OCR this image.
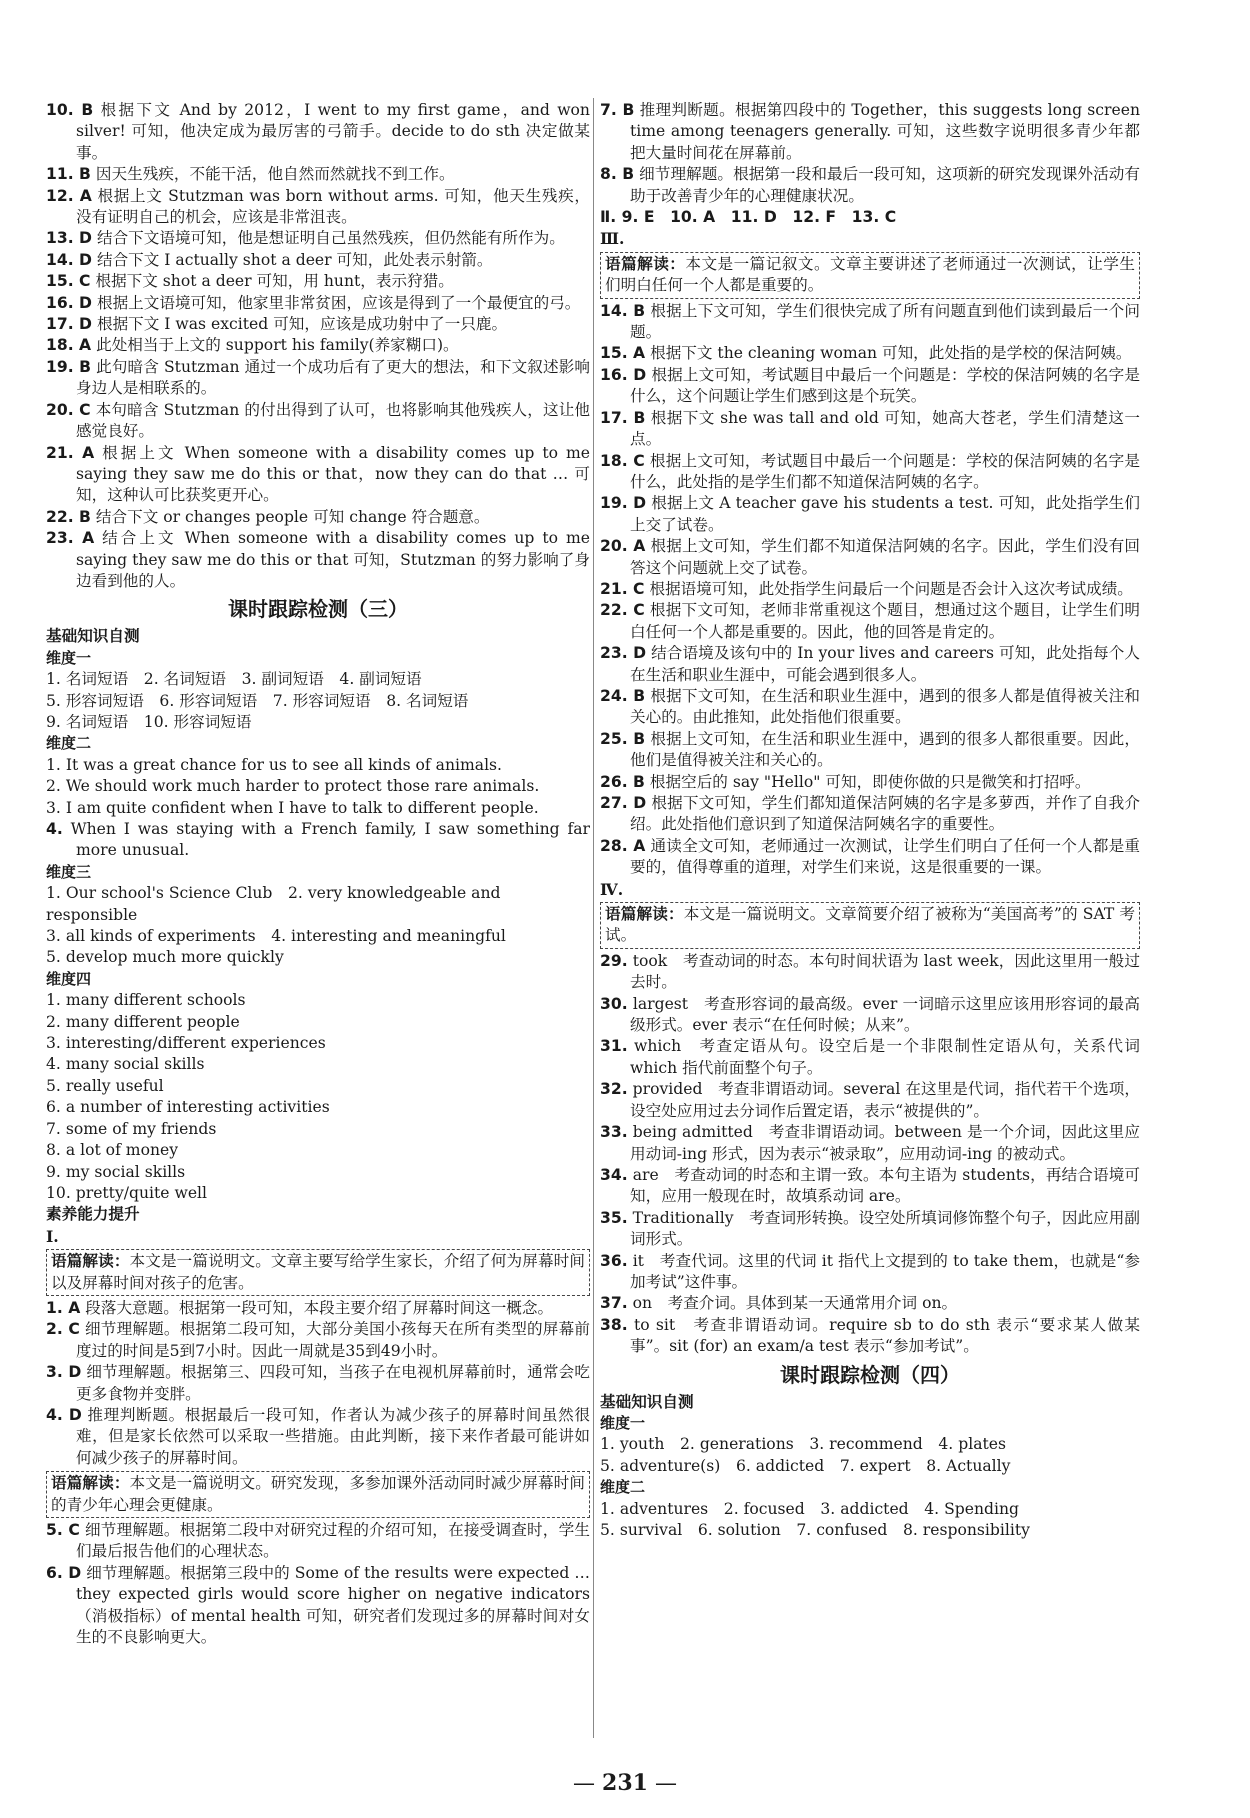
10. B 根据下文 And by 2012，I went to my first game，and won silver! 可知，他决定成为最厉害的弓箭手。decide to do sth 决定做某事。

11. B 因天生残疾，不能干活，他自然而然就找不到工作。

12. A 根据上文 Stutzman was born without arms. 可知，他天生残疾，没有证明自己的机会，应该是非常沮丧。

13. D 结合下文语境可知，他是想证明自己虽然残疾，但仍然能有所作为。

14. D 结合下文 I actually shot a deer 可知，此处表示射箭。

15. C 根据下文 shot a deer 可知，用 hunt，表示狩猎。

16. D 根据上文语境可知，他家里非常贫困，应该是得到了一个最便宜的弓。

17. D 根据下文 I was excited 可知，应该是成功射中了一只鹿。

18. A 此处相当于上文的 support his family(养家糊口)。

19. B 此句暗含 Stutzman 通过一个成功后有了更大的想法，和下文叙述影响身边人是相联系的。

20. C 本句暗含 Stutzman 的付出得到了认可，也将影响其他残疾人，这让他感觉良好。

21. A 根据上文 When someone with a disability comes up to me saying they saw me do this or that，now they can do that … 可知，这种认可比获奖更开心。

22. B 结合下文 or changes people 可知 change 符合题意。

23. A 结合上文 When someone with a disability comes up to me saying they saw me do this or that 可知，Stutzman 的努力影响了身边看到他的人。

课时跟踪检测（三）

基础知识自测

维度一

1. 名词短语　2. 名词短语　3. 副词短语　4. 副词短语

5. 形容词短语　6. 形容词短语　7. 形容词短语　8. 名词短语

9. 名词短语　10. 形容词短语

维度二

1. It was a great chance for us to see all kinds of animals.

2. We should work much harder to protect those rare animals.

3. I am quite confident when I have to talk to different people.

4. When I was staying with a French family, I saw something far more unusual.

维度三

1. Our school's Science Club　2. very knowledgeable and responsible

3. all kinds of experiments　4. interesting and meaningful

5. develop much more quickly

维度四

1. many different schools

2. many different people

3. interesting/different experiences

4. many social skills

5. really useful

6. a number of interesting activities

7. some of my friends

8. a lot of money

9. my social skills

10. pretty/quite well

素养能力提升

Ⅰ.

语篇解读：本文是一篇说明文。文章主要写给学生家长，介绍了何为屏幕时间以及屏幕时间对孩子的危害。

1. A 段落大意题。根据第一段可知，本段主要介绍了屏幕时间这一概念。

2. C 细节理解题。根据第二段可知，大部分美国小孩每天在所有类型的屏幕前度过的时间是5到7小时。因此一周就是35到49小时。

3. D 细节理解题。根据第三、四段可知，当孩子在电视机屏幕前时，通常会吃更多食物并变胖。

4. D 推理判断题。根据最后一段可知，作者认为减少孩子的屏幕时间虽然很难，但是家长依然可以采取一些措施。由此判断，接下来作者最可能讲如何减少孩子的屏幕时间。

语篇解读：本文是一篇说明文。研究发现，多参加课外活动同时减少屏幕时间的青少年心理会更健康。

5. C 细节理解题。根据第二段中对研究过程的介绍可知，在接受调查时，学生们最后报告他们的心理状态。

6. D 细节理解题。根据第三段中的 Some of the results were expected … they expected girls would score higher on negative indicators（消极指标）of mental health 可知，研究者们发现过多的屏幕时间对女生的不良影响更大。

7. B 推理判断题。根据第四段中的 Together，this suggests long screen time among teenagers generally. 可知，这些数字说明很多青少年都把大量时间花在屏幕前。

8. B 细节理解题。根据第一段和最后一段可知，这项新的研究发现课外活动有助于改善青少年的心理健康状况。

Ⅱ. 9. E　10. A　11. D　12. F　13. C

Ⅲ.

语篇解读：本文是一篇记叙文。文章主要讲述了老师通过一次测试，让学生们明白任何一个人都是重要的。

14. B 根据上下文可知，学生们很快完成了所有问题直到他们读到最后一个问题。

15. A 根据下文 the cleaning woman 可知，此处指的是学校的保洁阿姨。

16. D 根据上文可知，考试题目中最后一个问题是：学校的保洁阿姨的名字是什么，这个问题让学生们感到这是个玩笑。

17. B 根据下文 she was tall and old 可知，她高大苍老，学生们清楚这一点。

18. C 根据上文可知，考试题目中最后一个问题是：学校的保洁阿姨的名字是什么，此处指的是学生们都不知道保洁阿姨的名字。

19. D 根据上文 A teacher gave his students a test. 可知，此处指学生们上交了试卷。

20. A 根据上文可知，学生们都不知道保洁阿姨的名字。因此，学生们没有回答这个问题就上交了试卷。

21. C 根据语境可知，此处指学生问最后一个问题是否会计入这次考试成绩。

22. C 根据下文可知，老师非常重视这个题目，想通过这个题目，让学生们明白任何一个人都是重要的。因此，他的回答是肯定的。

23. D 结合语境及该句中的 In your lives and careers 可知，此处指每个人在生活和职业生涯中，可能会遇到很多人。

24. B 根据下文可知，在生活和职业生涯中，遇到的很多人都是值得被关注和关心的。由此推知，此处指他们很重要。

25. B 根据上文可知，在生活和职业生涯中，遇到的很多人都很重要。因此，他们是值得被关注和关心的。

26. B 根据空后的 say "Hello" 可知，即使你做的只是微笑和打招呼。

27. D 根据下文可知，学生们都知道保洁阿姨的名字是多萝西，并作了自我介绍。此处指他们意识到了知道保洁阿姨名字的重要性。

28. A 通读全文可知，老师通过一次测试，让学生们明白了任何一个人都是重要的，值得尊重的道理，对学生们来说，这是很重要的一课。

Ⅳ.

语篇解读：本文是一篇说明文。文章简要介绍了被称为“美国高考”的 SAT 考试。

29. took　考查动词的时态。本句时间状语为 last week，因此这里用一般过去时。

30. largest　考查形容词的最高级。ever 一词暗示这里应该用形容词的最高级形式。ever 表示“在任何时候；从来”。

31. which　考查定语从句。设空后是一个非限制性定语从句，关系代词 which 指代前面整个句子。

32. provided　考查非谓语动词。several 在这里是代词，指代若干个选项，设空处应用过去分词作后置定语，表示“被提供的”。

33. being admitted　考查非谓语动词。between 是一个介词，因此这里应用动词-ing 形式，因为表示“被录取”，应用动词-ing 的被动式。

34. are　考查动词的时态和主谓一致。本句主语为 students，再结合语境可知，应用一般现在时，故填系动词 are。

35. Traditionally　考查词形转换。设空处所填词修饰整个句子，因此应用副词形式。

36. it　考查代词。这里的代词 it 指代上文提到的 to take them，也就是“参加考试”这件事。

37. on　考查介词。具体到某一天通常用介词 on。

38. to sit　考查非谓语动词。require sb to do sth 表示“要求某人做某事”。sit (for) an exam/a test 表示“参加考试”。

课时跟踪检测（四）

基础知识自测

维度一

1. youth　2. generations　3. recommend　4. plates

5. adventure(s)　6. addicted　7. expert　8. Actually

维度二

1. adventures　2. focused　3. addicted　4. Spending

5. survival　6. solution　7. confused　8. responsibility

— 231 —
